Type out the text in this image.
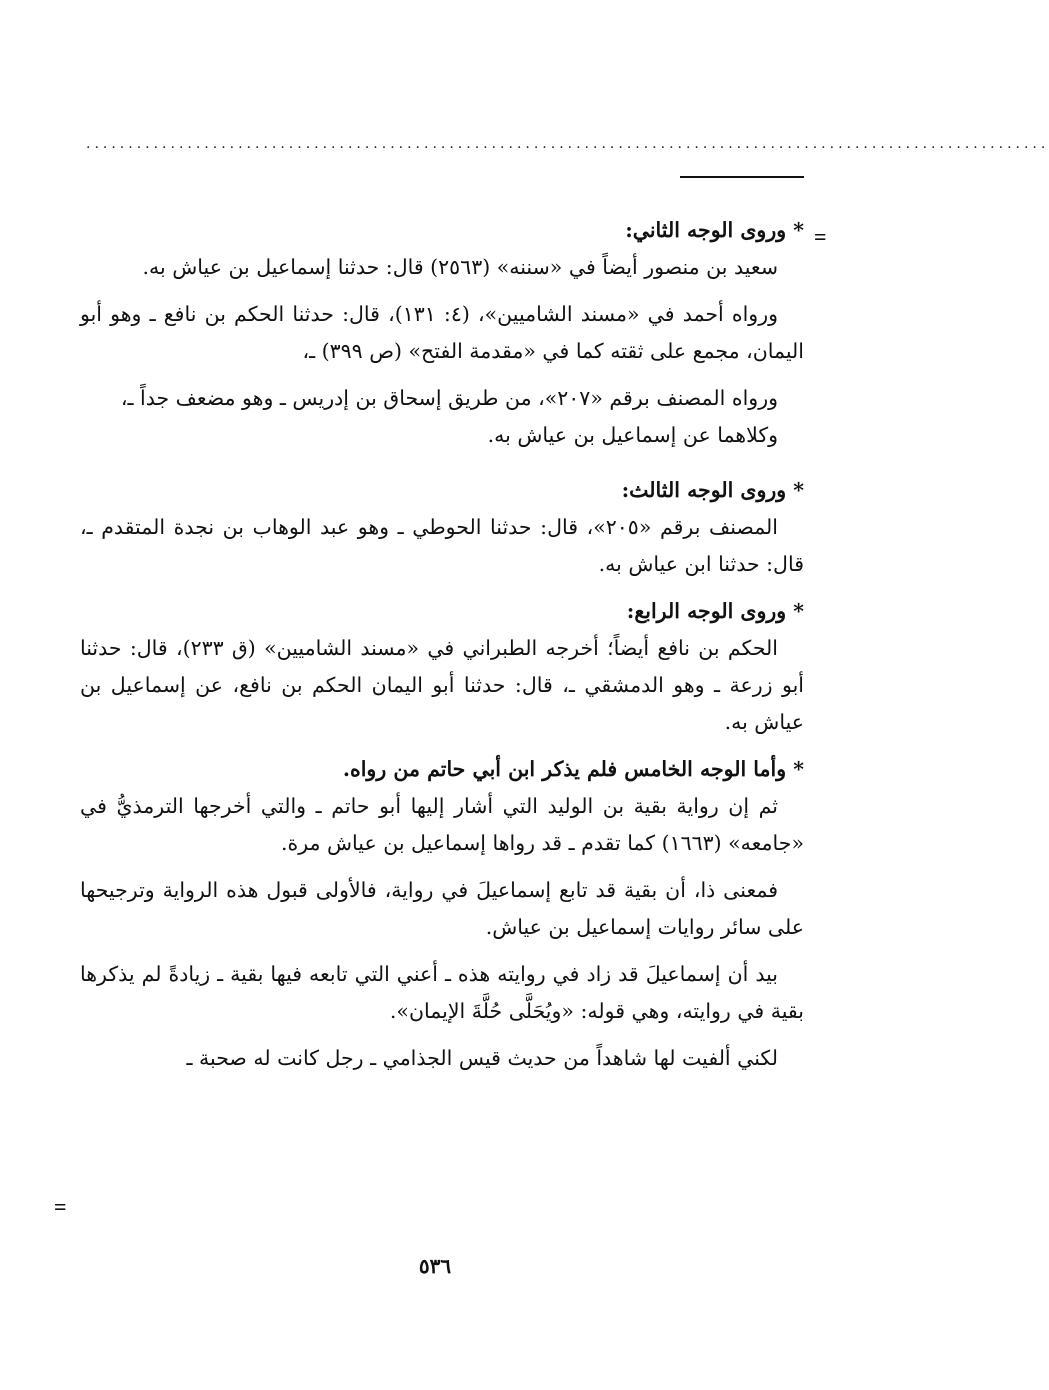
..................................................................................................................
=

* وروى الوجه الثاني:

سعيد بن منصور أيضاً في «سننه» (٢٥٦٣) قال: حدثنا إسماعيل بن عياش به.

ورواه أحمد في «مسند الشاميين»، (٤: ١٣١)، قال: حدثنا الحكم بن نافع ـ وهو أبو اليمان، مجمع على ثقته كما في «مقدمة الفتح» (ص ٣٩٩) ـ،

ورواه المصنف برقم «٢٠٧»، من طريق إسحاق بن إدريس ـ وهو مضعف جداً ـ،

وكلاهما عن إسماعيل بن عياش به.

* وروى الوجه الثالث:

المصنف برقم «٢٠٥»، قال: حدثنا الحوطي ـ وهو عبد الوهاب بن نجدة المتقدم ـ، قال: حدثنا ابن عياش به.

* وروى الوجه الرابع:

الحكم بن نافع أيضاً؛ أخرجه الطبراني في «مسند الشاميين» (ق ٢٣٣)، قال: حدثنا أبو زرعة ـ وهو الدمشقي ـ، قال: حدثنا أبو اليمان الحكم بن نافع، عن إسماعيل بن عياش به.

* وأما الوجه الخامس فلم يذكر ابن أبي حاتم من رواه.

ثم إن رواية بقية بن الوليد التي أشار إليها أبو حاتم ـ والتي أخرجها الترمذيُّ في «جامعه» (١٦٦٣) كما تقدم ـ قد رواها إسماعيل بن عياش مرة.

فمعنى ذا، أن بقية قد تابع إسماعيلَ في رواية، فالأولى قبول هذه الرواية وترجيحها على سائر روايات إسماعيل بن عياش.

بيد أن إسماعيلَ قد زاد في روايته هذه ـ أعني التي تابعه فيها بقية ـ زيادةً لم يذكرها بقية في روايته، وهي قوله: «ويُحَلَّى حُلَّةَ الإيمان».

لكني ألفيت لها شاهداً من حديث قيس الجذامي ـ رجل كانت له صحبة ـ

=
٥٣٦
